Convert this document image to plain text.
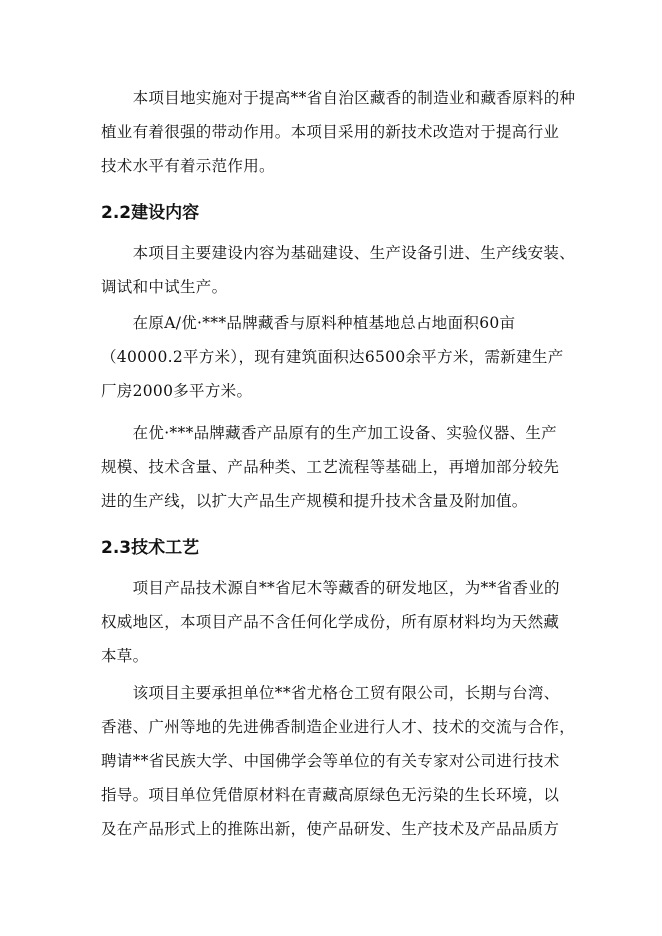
　　本项目地实施对于提高**省自治区藏香的制造业和藏香原料的种
植业有着很强的带动作用。本项目采用的新技术改造对于提高行业
技术水平有着示范作用。

2.2建设内容

　　本项目主要建设内容为基础建设、生产设备引进、生产线安装、
调试和中试生产。

　　在原A/优·***品牌藏香与原料种植基地总占地面积60亩
（40000.2平方米），现有建筑面积达6500余平方米，需新建生产
厂房2000多平方米。

　　在优·***品牌藏香产品原有的生产加工设备、实验仪器、生产
规模、技术含量、产品种类、工艺流程等基础上，再增加部分较先
进的生产线，以扩大产品生产规模和提升技术含量及附加值。

2.3技术工艺

　　项目产品技术源自**省尼木等藏香的研发地区，为**省香业的
权威地区，本项目产品不含任何化学成份，所有原材料均为天然藏
本草。

　　该项目主要承担单位**省尤格仓工贸有限公司，长期与台湾、
香港、广州等地的先进佛香制造企业进行人才、技术的交流与合作，
聘请**省民族大学、中国佛学会等单位的有关专家对公司进行技术
指导。项目单位凭借原材料在青藏高原绿色无污染的生长环境，以
及在产品形式上的推陈出新，使产品研发、生产技术及产品品质方
